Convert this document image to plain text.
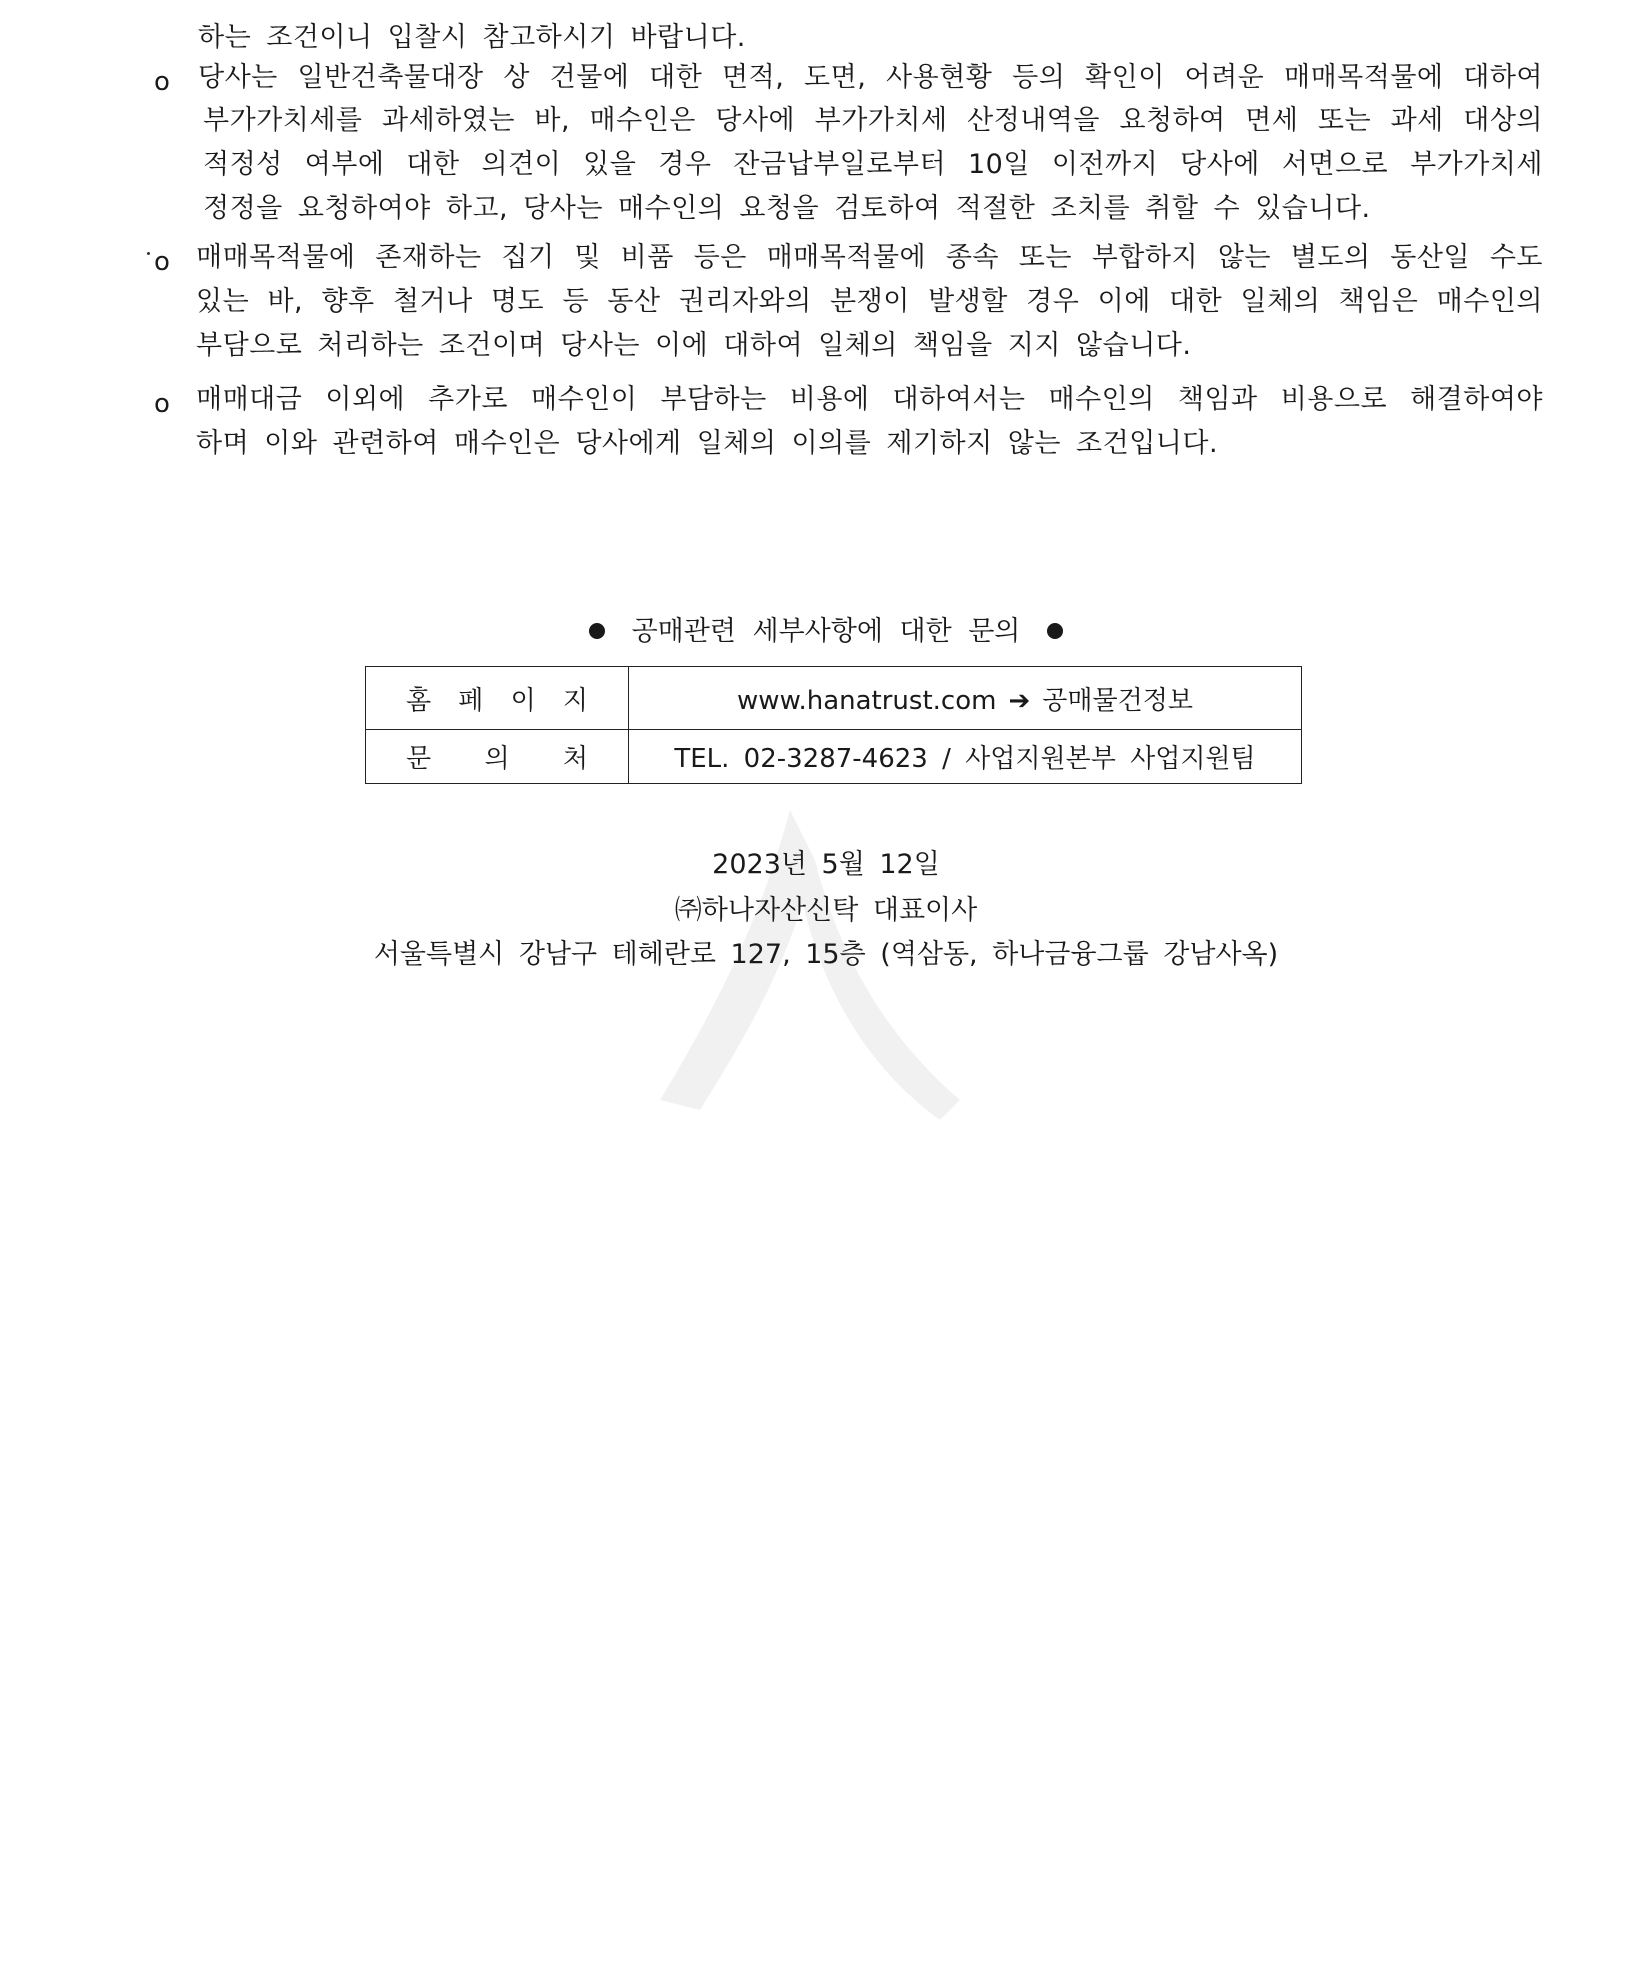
하는 조건이니 입찰시 참고하시기 바랍니다.
o 당사는 일반건축물대장 상 건물에 대한 면적, 도면, 사용현황 등의 확인이 어려운 매매목적물에 대하여
부가가치세를 과세하였는 바, 매수인은 당사에 부가가치세 산정내역을 요청하여 면세 또는 과세 대상의
적정성 여부에 대한 의견이 있을 경우 잔금납부일로부터 10일 이전까지 당사에 서면으로 부가가치세
정정을 요청하여야 하고, 당사는 매수인의 요청을 검토하여 적절한 조치를 취할 수 있습니다.
o 매매목적물에 존재하는 집기 및 비품 등은 매매목적물에 종속 또는 부합하지 않는 별도의 동산일 수도
있는 바, 향후 철거나 명도 등 동산 권리자와의 분쟁이 발생할 경우 이에 대한 일체의 책임은 매수인의
부담으로 처리하는 조건이며 당사는 이에 대하여 일체의 책임을 지지 않습니다.
o 매매대금 이외에 추가로 매수인이 부담하는 비용에 대하여서는 매수인의 책임과 비용으로 해결하여야
하며 이와 관련하여 매수인은 당사에게 일체의 이의를 제기하지 않는 조건입니다.
공매관련 세부사항에 대한 문의
홈 페 이 지	www.hanatrust.com ➔ 공매물건정보

문 의 처	TEL. 02-3287-4623 / 사업지원본부 사업지원팀
2023년 5월 12일
㈜하나자산신탁 대표이사
서울특별시 강남구 테헤란로 127, 15층 (역삼동, 하나금융그룹 강남사옥)
